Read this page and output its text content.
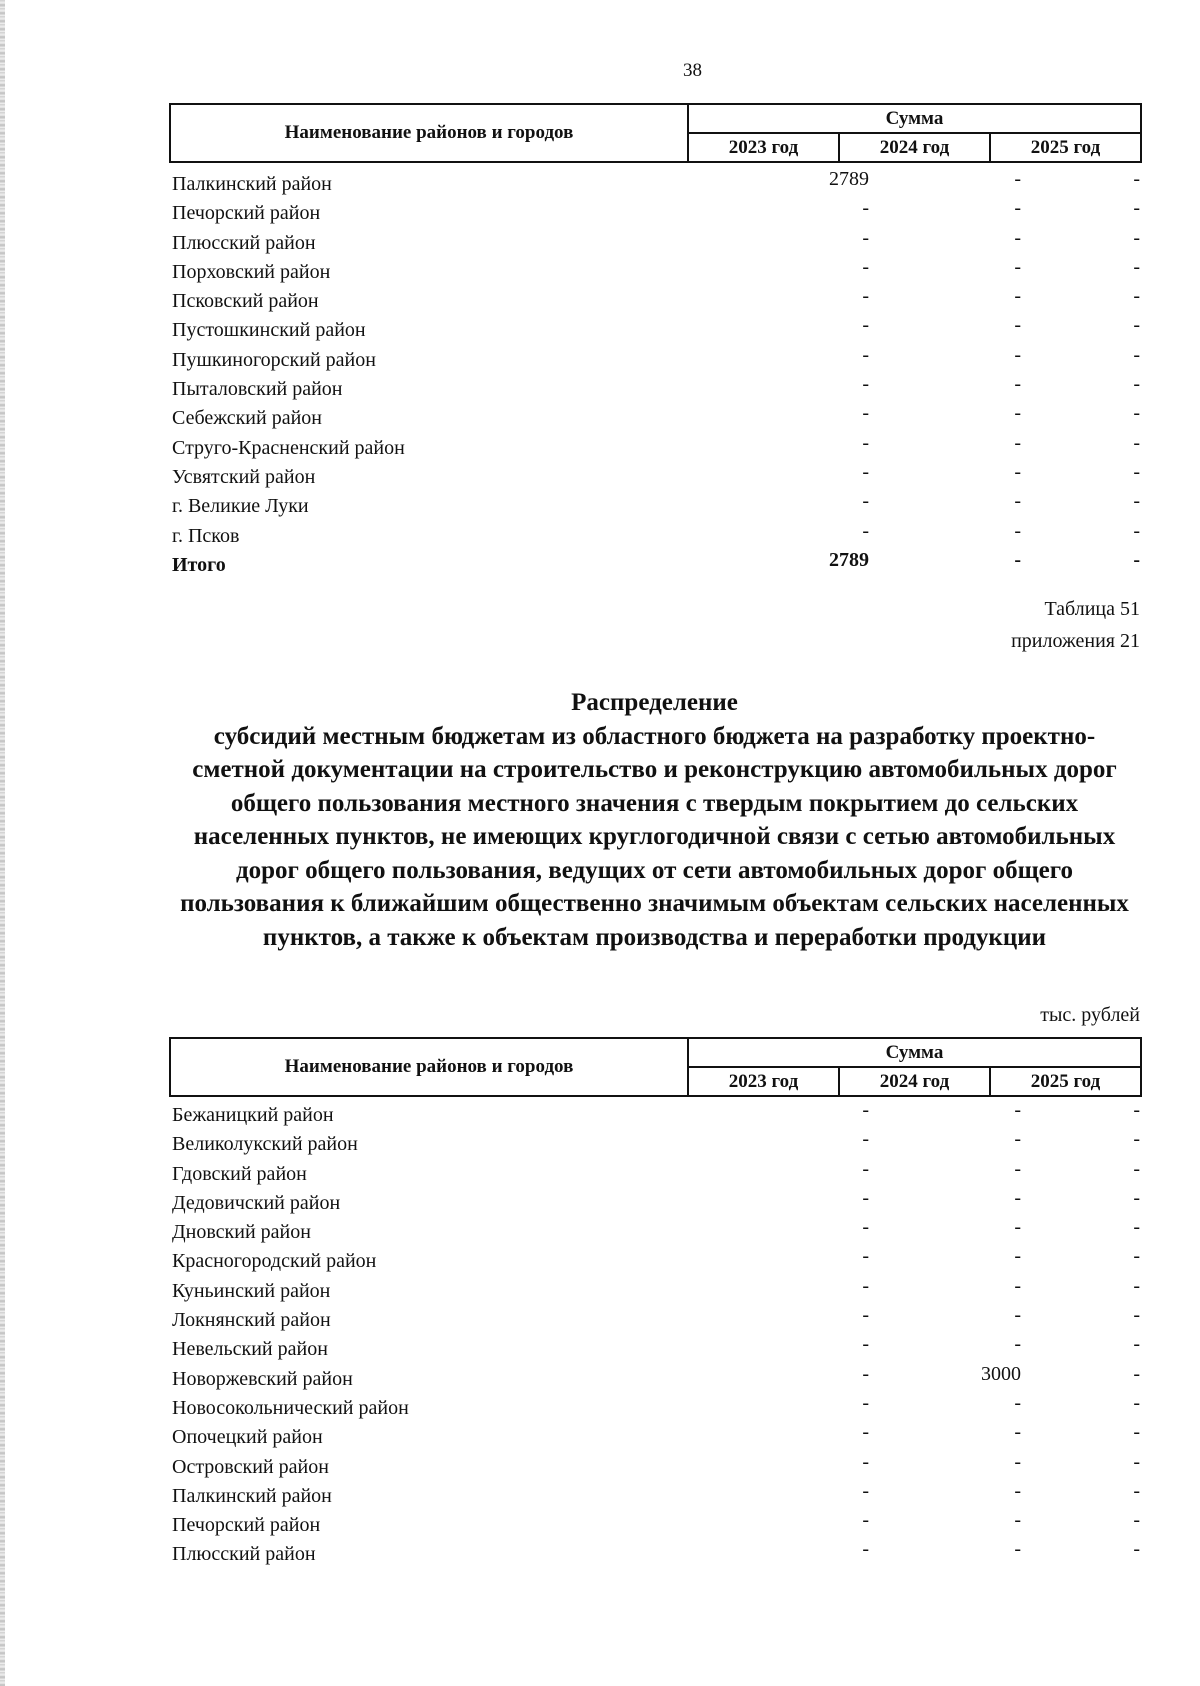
38
Наименование районов и городов	Сумма		
	2023 год	2024 год	2025 год
Палкинский район	2789	-	-
Печорский район	-	-	-
Плюсский район	-	-	-
Порховский район	-	-	-
Псковский район	-	-	-
Пустошкинский район	-	-	-
Пушкиногорский район	-	-	-
Пыталовский район	-	-	-
Себежский район	-	-	-
Струго-Красненский район	-	-	-
Усвятский район	-	-	-
г. Великие Луки	-	-	-
г. Псков	-	-	-
Итого	2789	-	-
Таблица 51
приложения 21
Распределение
субсидий местным бюджетам из областного бюджета на разработку проектно-сметной документации на строительство и реконструкцию автомобильных дорог общего пользования местного значения с твердым покрытием до сельских населенных пунктов, не имеющих круглогодичной связи с сетью автомобильных дорог общего пользования, ведущих от сети автомобильных дорог общего пользования к ближайшим общественно значимым объектам сельских населенных пунктов, а также к объектам производства и переработки продукции
тыс. рублей
Наименование районов и городов	Сумма		
	2023 год	2024 год	2025 год
Бежаницкий район	-	-	-
Великолукский район	-	-	-
Гдовский район	-	-	-
Дедовичский район	-	-	-
Дновский район	-	-	-
Красногородский район	-	-	-
Куньинский район	-	-	-
Локнянский район	-	-	-
Невельский район	-	-	-
Новоржевский район	-	3000	-
Новосокольнический район	-	-	-
Опочецкий район	-	-	-
Островский район	-	-	-
Палкинский район	-	-	-
Печорский район	-	-	-
Плюсский район	-	-	-
